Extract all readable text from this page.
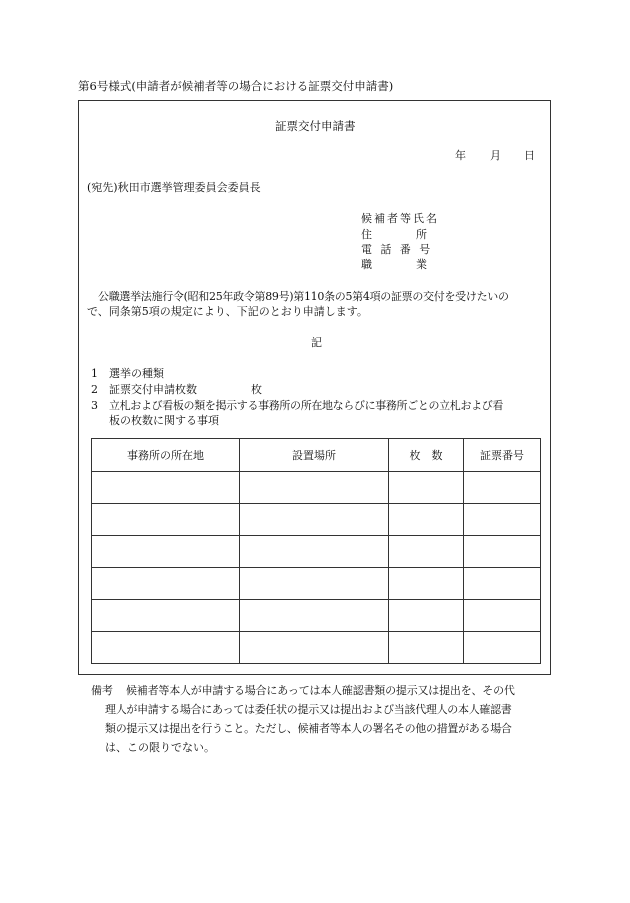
第6号様式(申請者が候補者等の場合における証票交付申請書)
証票交付申請書
年 月 日
(宛先)秋田市選挙管理委員会委員長
候補者等氏名
住　　　　所
電　話　番　号
職　　　　業
公職選挙法施行令(昭和25年政令第89号)第110条の5第4項の証票の交付を受けたいの
で、同条第5項の規定により、下記のとおり申請します。
記
1 選挙の種類
2 証票交付申請枚数	枚
3 立札および看板の類を掲示する事務所の所在地ならびに事務所ごとの立札および看
板の枚数に関する事項
事務所の所在地	設置場所	枚　数	証票番号

備考 候補者等本人が申請する場合にあっては本人確認書類の提示又は提出を、その代
理人が申請する場合にあっては委任状の提示又は提出および当該代理人の本人確認書
類の提示又は提出を行うこと。ただし、候補者等本人の署名その他の措置がある場合
は、この限りでない。
